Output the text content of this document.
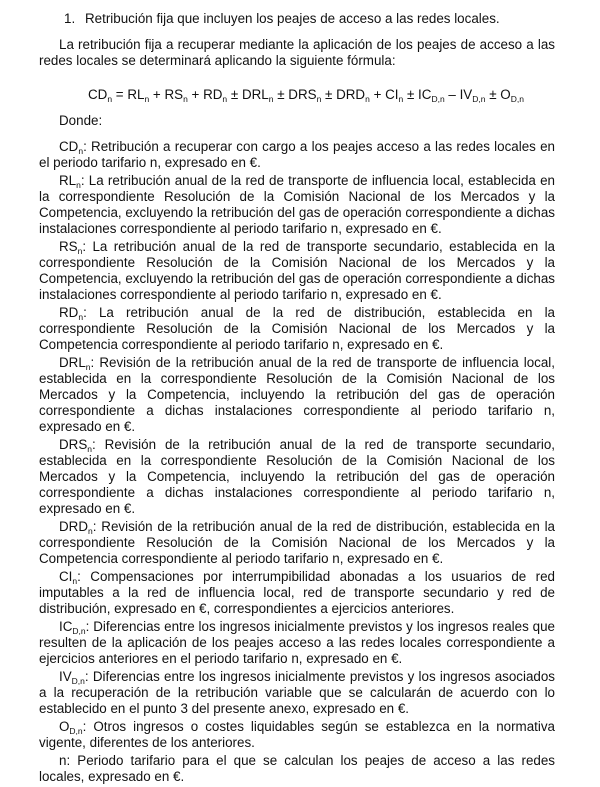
1. Retribución fija que incluyen los peajes de acceso a las redes locales.
La retribución fija a recuperar mediante la aplicación de los peajes de acceso a las redes locales se determinará aplicando la siguiente fórmula:
$CD_n = RL_n + RS_n + RD_n \pm DRL_n \pm DRS_n \pm DRD_n + CI_n \pm IC_{D,n} - IV_{D,n} \pm O_{D,n}$
Donde:
$CD_n$: Retribución a recuperar con cargo a los peajes acceso a las redes locales en el periodo tarifario n, expresado en €.
$RL_n$: La retribución anual de la red de transporte de influencia local, establecida en la correspondiente Resolución de la Comisión Nacional de los Mercados y la Competencia, excluyendo la retribución del gas de operación correspondiente a dichas instalaciones correspondiente al periodo tarifario n, expresado en €.
$RS_n$: La retribución anual de la red de transporte secundario, establecida en la correspondiente Resolución de la Comisión Nacional de los Mercados y la Competencia, excluyendo la retribución del gas de operación correspondiente a dichas instalaciones correspondiente al periodo tarifario n, expresado en €.
$RD_n$: La retribución anual de la red de distribución, establecida en la correspondiente Resolución de la Comisión Nacional de los Mercados y la Competencia correspondiente al periodo tarifario n, expresado en €.
$DRL_n$: Revisión de la retribución anual de la red de transporte de influencia local, establecida en la correspondiente Resolución de la Comisión Nacional de los Mercados y la Competencia, incluyendo la retribución del gas de operación correspondiente a dichas instalaciones correspondiente al periodo tarifario n, expresado en €.
$DRS_n$: Revisión de la retribución anual de la red de transporte secundario, establecida en la correspondiente Resolución de la Comisión Nacional de los Mercados y la Competencia, incluyendo la retribución del gas de operación correspondiente a dichas instalaciones correspondiente al periodo tarifario n, expresado en €.
$DRD_n$: Revisión de la retribución anual de la red de distribución, establecida en la correspondiente Resolución de la Comisión Nacional de los Mercados y la Competencia correspondiente al periodo tarifario n, expresado en €.
$CI_n$: Compensaciones por interrumpibilidad abonadas a los usuarios de red imputables a la red de influencia local, red de transporte secundario y red de distribución, expresado en €, correspondientes a ejercicios anteriores.
$IC_{D,n}$: Diferencias entre los ingresos inicialmente previstos y los ingresos reales que resulten de la aplicación de los peajes acceso a las redes locales correspondiente a ejercicios anteriores en el periodo tarifario n, expresado en €.
$IV_{D,n}$: Diferencias entre los ingresos inicialmente previstos y los ingresos asociados a la recuperación de la retribución variable que se calcularán de acuerdo con lo establecido en el punto 3 del presente anexo, expresado en €.
$O_{D,n}$: Otros ingresos o costes liquidables según se establezca en la normativa vigente, diferentes de los anteriores.
n: Periodo tarifario para el que se calculan los peajes de acceso a las redes locales, expresado en €.
